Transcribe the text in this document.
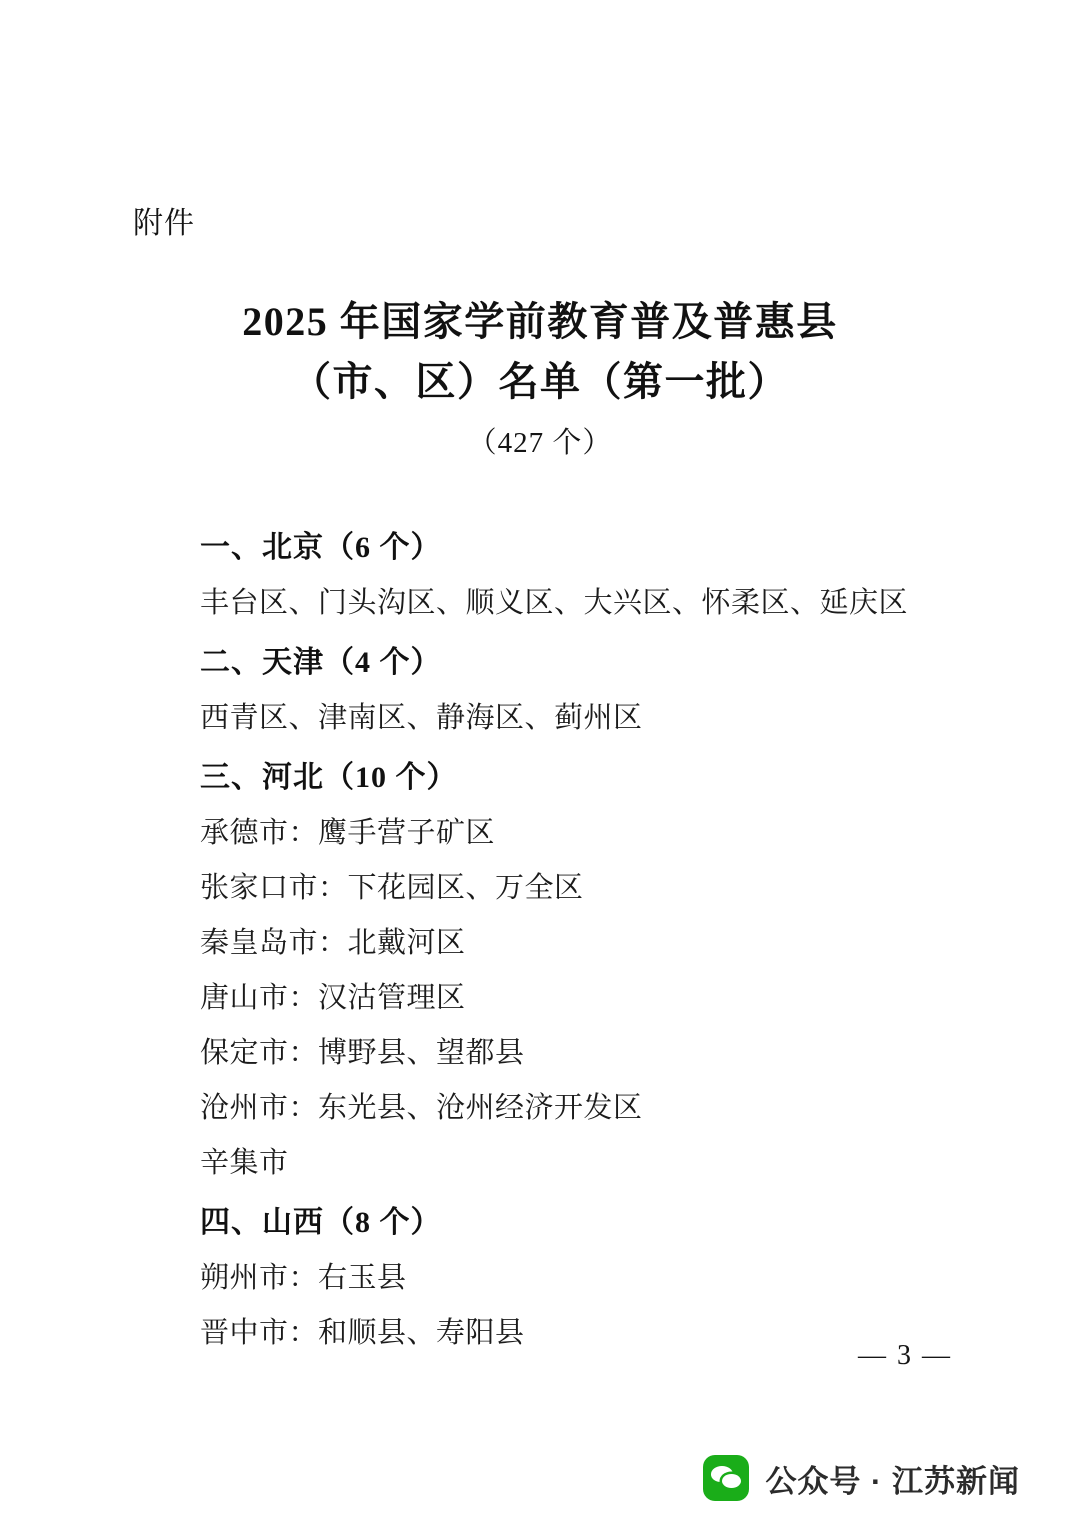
附件
2025 年国家学前教育普及普惠县
（市、区）名单（第一批）
（427 个）
一、北京（6 个）
丰台区、门头沟区、顺义区、大兴区、怀柔区、延庆区
二、天津（4 个）
西青区、津南区、静海区、蓟州区
三、河北（10 个）
承德市：鹰手营子矿区
张家口市：下花园区、万全区
秦皇岛市：北戴河区
唐山市：汉沽管理区
保定市：博野县、望都县
沧州市：东光县、沧州经济开发区
辛集市
四、山西（8 个）
朔州市：右玉县
晋中市：和顺县、寿阳县
— 3 —
公众号 · 江苏新闻
